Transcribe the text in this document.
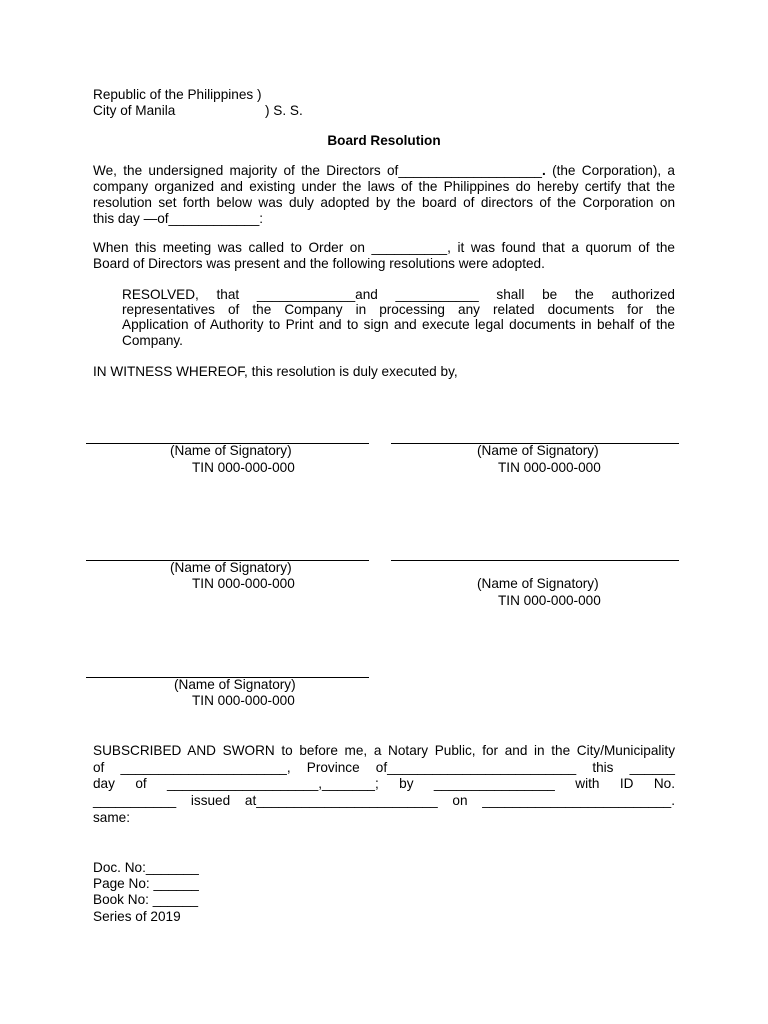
Republic of the Philippines )
City of Manila	) S. S.
Board Resolution
We, the undersigned majority of the Directors of___________________. (the Corporation), a
company organized and existing under the laws of the Philippines do hereby certify that the
resolution set forth below was duly adopted by the board of directors of the Corporation on
this day —of____________:
When this meeting was called to Order on __________, it was found that a quorum of the
Board of Directors was present and the following resolutions were adopted.
RESOLVED, that _____________and ___________ shall be the authorized
representatives of the Company in processing any related documents for the
Application of Authority to Print and to sign and execute legal documents in behalf of the
Company.
IN WITNESS WHEREOF, this resolution is duly executed by,
(Name of Signatory)
TIN 000-000-000
(Name of Signatory)
TIN 000-000-000
(Name of Signatory)
TIN 000-000-000	(Name of Signatory)
TIN 000-000-000
(Name of Signatory)
TIN 000-000-000
SUBSCRIBED AND SWORN to before me, a Notary Public, for and in the City/Municipality
of ______________________, Province of_________________________ this ______
day of ____________________,_______; by ________________ with ID No.
___________ issued at________________________ on _________________________.
same:
Doc. No:_______
Page No: ______
Book No: ______
Series of 2019
